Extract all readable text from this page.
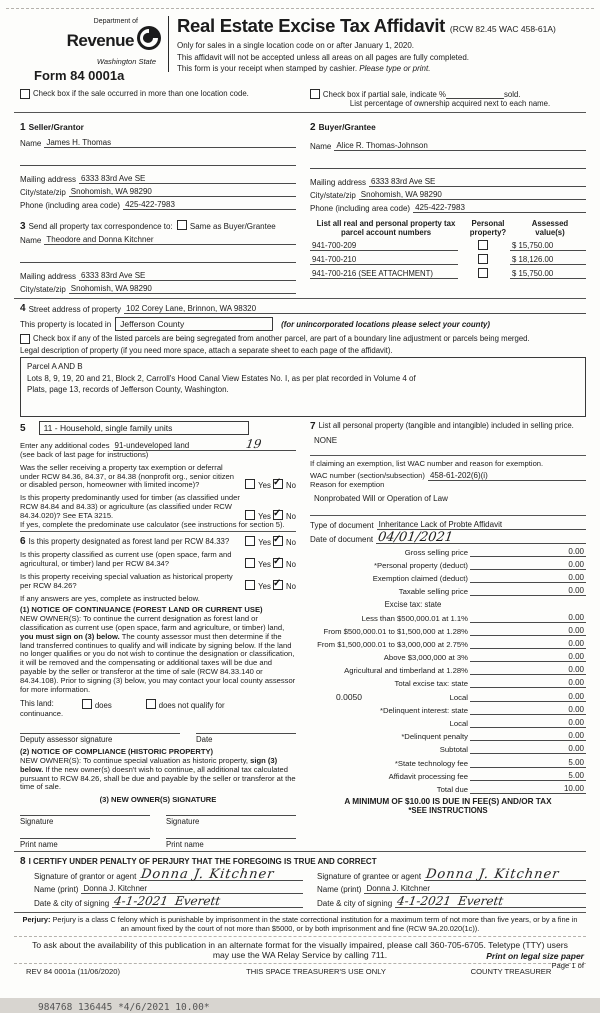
Department of
Revenue
Washington State
Form 84 0001a
Real Estate Excise Tax Affidavit (RCW 82.45 WAC 458-61A)
Only for sales in a single location code on or after January 1, 2020.
This affidavit will not be accepted unless all areas on all pages are fully completed.
This form is your receipt when stamped by cashier. Please type or print.
Check box if the sale occurred in more than one location code.	Check box if partial sale, indicate %	sold.
List percentage of ownership acquired next to each name.
1 Seller/Grantor
Name James H. Thomas
Mailing address 6333 83rd Ave SE
City/state/zip Snohomish, WA 98290
Phone (including area code) 425-422-7983
2 Buyer/Grantee
Name Alice R. Thomas-Johnson
Mailing address 6333 83rd Ave SE
City/state/zip Snohomish, WA 98290
Phone (including area code) 425-422-7983
3 Send all property tax correspondence to: Same as Buyer/Grantee
Name Theodore and Donna Kitchner
Mailing address 6333 83rd Ave SE
City/state/zip Snohomish, WA 98290
List all real and personal property tax
parcel account numbers
Personal
property?
Assessed
value(s)
941-700-209	$ 15,750.00
941-700-210	$ 18,126.00
941-700-216 (SEE ATTACHMENT)	$ 15,750.00
4 Street address of property 102 Corey Lane, Brinnon, WA 98320
This property is located in	Jefferson County	(for unincorporated locations please select your county)
Check box if any of the listed parcels are being segregated from another parcel, are part of a boundary line adjustment or parcels being merged.
Legal description of property (if you need more space, attach a separate sheet to each page of the affidavit).
Parcel A AND B
Lots 8, 9, 19, 20 and 21, Block 2, Carroll's Hood Canal View Estates No. I, as per plat recorded in Volume 4 of
Plats, page 13, records of Jefferson County, Washington.
5	11 - Household, single family units
Enter any additional codes 91-undeveloped land	19
(see back of last page for instructions)
Was the seller receiving a property tax exemption or deferral under RCW 84.36, 84.37, or 84.38 (nonprofit org., senior citizen or disabled person, homeowner with limited income)?	Yes ✓ No
Is this property predominantly used for timber (as classified under RCW 84.84 and 84.33) or agriculture (as classified under RCW 84.34.020)? See ETA 3215.	Yes ✓ No
If yes, complete the predominate use calculator (see instructions for section 5).
6 Is this property designated as forest land per RCW 84.33?	Yes ✓ No
Is this property classified as current use (open space, farm and agricultural, or timber) land per RCW 84.34?	Yes ✓ No
Is this property receiving special valuation as historical property per RCW 84.26?	Yes ✓ No
If any answers are yes, complete as instructed below.
(1) NOTICE OF CONTINUANCE (FOREST LAND OR CURRENT USE)
NEW OWNER(S): To continue the current designation as forest land or classification as current use (open space, farm and agriculture, or timber) land, you must sign on (3) below. The county assessor must then determine if the land transferred continues to qualify and will indicate by signing below. If the land no longer qualifies or you do not wish to continue the designation or classification, it will be removed and the compensating or additional taxes will be due and payable by the seller or transferor at the time of sale (RCW 84.33.140 or 84.34.108). Prior to signing (3) below, you may contact your local county assessor for more information.
This land:	does	does not qualify for
continuance.
Deputy assessor signature	Date
(2) NOTICE OF COMPLIANCE (HISTORIC PROPERTY)
NEW OWNER(S): To continue special valuation as historic property, sign (3) below. If the new owner(s) doesn't wish to continue, all additional tax calculated pursuant to RCW 84.26, shall be due and payable by the seller or transferor at the time of sale.
(3) NEW OWNER(S) SIGNATURE
Signature	Signature
Print name	Print name
7 List all personal property (tangible and intangible) included in selling price.
NONE
If claiming an exemption, list WAC number and reason for exemption.
WAC number (section/subsection) 458-61-202(6)(i)
Reason for exemption
Nonprobated Will or Operation of Law
Type of document Inheritance Lack of Probte Affidavit
Date of document 04/01/2021
Gross selling price	0.00
*Personal property (deduct)	0.00
Exemption claimed (deduct)	0.00
Taxable selling price	0.00
Excise tax: state
Less than $500,000.01 at 1.1%	0.00
From $500,000.01 to $1,500,000 at 1.28%	0.00
From $1,500,000.01 to $3,000,000 at 2.75%	0.00
Above $3,000,000 at 3%	0.00
Agricultural and timberland at 1.28%	0.00
Total excise tax: state	0.00
0.0050	Local	0.00
*Delinquent interest: state	0.00
Local	0.00
*Delinquent penalty	0.00
Subtotal	0.00
*State technology fee	5.00
Affidavit processing fee	5.00
Total due	10.00
A MINIMUM OF $10.00 IS DUE IN FEE(S) AND/OR TAX
*SEE INSTRUCTIONS
8 I CERTIFY UNDER PENALTY OF PERJURY THAT THE FOREGOING IS TRUE AND CORRECT
Signature of grantor or agent Donna J. Kitchner
Name (print) Donna J. Kitchner
Date & city of signing 4-1-2021 Everett
Signature of grantee or agent Donna J. Kitchner
Name (print) Donna J. Kitchner
Date & city of signing 4-1-2021 Everett
Perjury: Perjury is a class C felony which is punishable by imprisonment in the state correctional institution for a maximum term of not more than five years, or by a fine in an amount fixed by the court of not more than $5000, or by both imprisonment and fine (RCW 9A.20.020(1c)).
To ask about the availability of this publication in an alternate format for the visually impaired, please call 360-705-6705. Teletype (TTY) users may use the WA Relay Service by calling 711.
REV 84 0001a (11/06/2020)	THIS SPACE TREASURER'S USE ONLY	COUNTY TREASURER
984768 136445 *4/6/2021 10.00*
Print on legal size paper
Page 1 of
